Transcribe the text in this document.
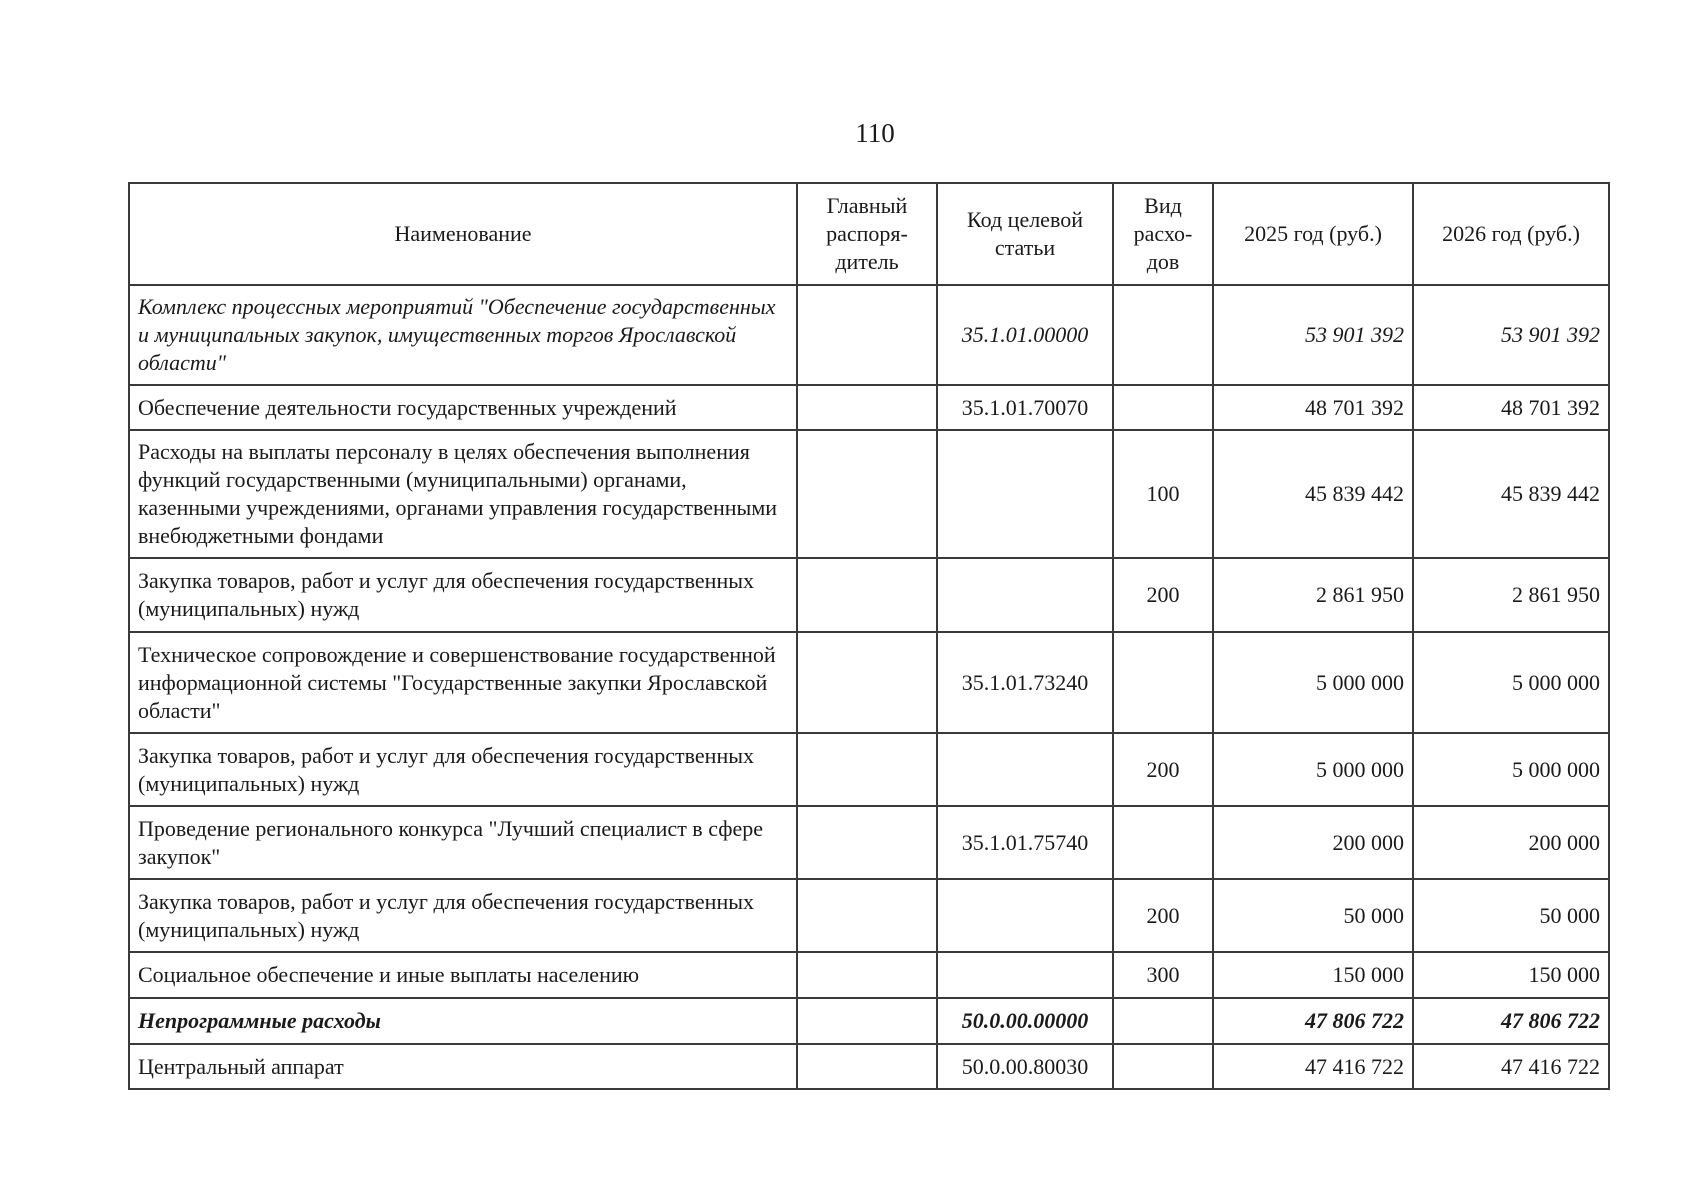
110
Наименование	Главный распоря-дитель	Код целевой статьи	Вид расхо-дов	2025 год (руб.)	2026 год (руб.)
Комплекс процессных мероприятий "Обеспечение государственных и муниципальных закупок, имущественных торгов Ярославской области"		35.1.01.00000		53 901 392	53 901 392
Обеспечение деятельности государственных учреждений		35.1.01.70070		48 701 392	48 701 392
Расходы на выплаты персоналу в целях обеспечения выполнения функций государственными (муниципальными) органами, казенными учреждениями, органами управления государственными внебюджетными фондами			100	45 839 442	45 839 442
Закупка товаров, работ и услуг для обеспечения государственных (муниципальных) нужд			200	2 861 950	2 861 950
Техническое сопровождение и совершенствование государственной информационной системы "Государственные закупки Ярославской области"		35.1.01.73240		5 000 000	5 000 000
Закупка товаров, работ и услуг для обеспечения государственных (муниципальных) нужд			200	5 000 000	5 000 000
Проведение регионального конкурса "Лучший специалист в сфере закупок"		35.1.01.75740		200 000	200 000
Закупка товаров, работ и услуг для обеспечения государственных (муниципальных) нужд			200	50 000	50 000
Социальное обеспечение и иные выплаты населению			300	150 000	150 000
Непрограммные расходы		50.0.00.00000		47 806 722	47 806 722
Центральный аппарат		50.0.00.80030		47 416 722	47 416 722
